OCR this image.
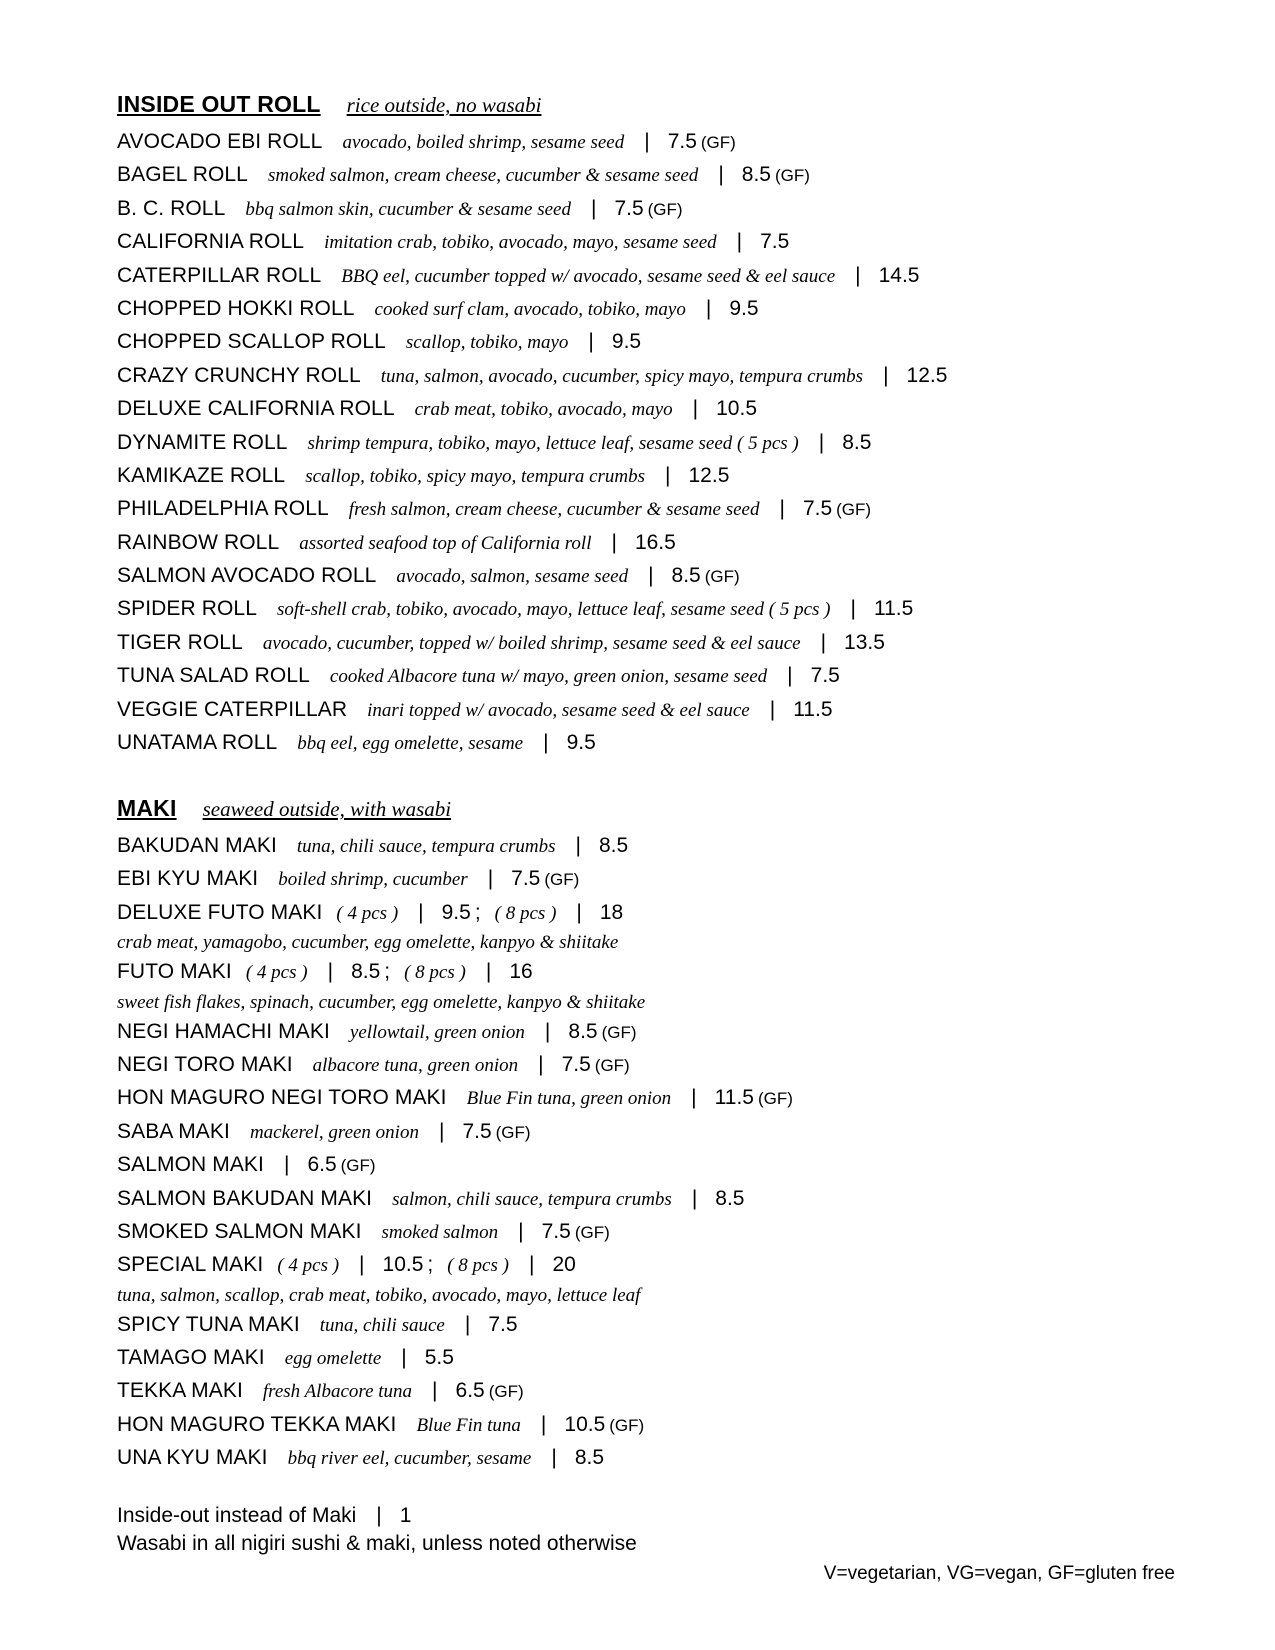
INSIDE OUT ROLL rice outside, no wasabi
AVOCADO EBI ROLL avocado, boiled shrimp, sesame seed | 7.5 (GF)
BAGEL ROLL smoked salmon, cream cheese, cucumber & sesame seed | 8.5 (GF)
B. C. ROLL bbq salmon skin, cucumber & sesame seed | 7.5 (GF)
CALIFORNIA ROLL imitation crab, tobiko, avocado, mayo, sesame seed | 7.5
CATERPILLAR ROLL BBQ eel, cucumber topped w/ avocado, sesame seed & eel sauce | 14.5
CHOPPED HOKKI ROLL cooked surf clam, avocado, tobiko, mayo | 9.5
CHOPPED SCALLOP ROLL scallop, tobiko, mayo | 9.5
CRAZY CRUNCHY ROLL tuna, salmon, avocado, cucumber, spicy mayo, tempura crumbs | 12.5
DELUXE CALIFORNIA ROLL crab meat, tobiko, avocado, mayo | 10.5
DYNAMITE ROLL shrimp tempura, tobiko, mayo, lettuce leaf, sesame seed ( 5 pcs ) | 8.5
KAMIKAZE ROLL scallop, tobiko, spicy mayo, tempura crumbs | 12.5
PHILADELPHIA ROLL fresh salmon, cream cheese, cucumber & sesame seed | 7.5 (GF)
RAINBOW ROLL assorted seafood top of California roll | 16.5
SALMON AVOCADO ROLL avocado, salmon, sesame seed | 8.5 (GF)
SPIDER ROLL soft-shell crab, tobiko, avocado, mayo, lettuce leaf, sesame seed ( 5 pcs ) | 11.5
TIGER ROLL avocado, cucumber, topped w/ boiled shrimp, sesame seed & eel sauce | 13.5
TUNA SALAD ROLL cooked Albacore tuna w/ mayo, green onion, sesame seed | 7.5
VEGGIE CATERPILLAR inari topped w/ avocado, sesame seed & eel sauce | 11.5
UNATAMA ROLL bbq eel, egg omelette, sesame | 9.5
MAKI seaweed outside, with wasabi
BAKUDAN MAKI tuna, chili sauce, tempura crumbs | 8.5
EBI KYU MAKI boiled shrimp, cucumber | 7.5 (GF)
DELUXE FUTO MAKI ( 4 pcs ) | 9.5 ; ( 8 pcs ) | 18
crab meat, yamagobo, cucumber, egg omelette, kanpyo & shiitake
FUTO MAKI ( 4 pcs ) | 8.5 ; ( 8 pcs ) | 16
sweet fish flakes, spinach, cucumber, egg omelette, kanpyo & shiitake
NEGI HAMACHI MAKI yellowtail, green onion | 8.5 (GF)
NEGI TORO MAKI albacore tuna, green onion | 7.5 (GF)
HON MAGURO NEGI TORO MAKI Blue Fin tuna, green onion | 11.5 (GF)
SABA MAKI mackerel, green onion | 7.5 (GF)
SALMON MAKI | 6.5 (GF)
SALMON BAKUDAN MAKI salmon, chili sauce, tempura crumbs | 8.5
SMOKED SALMON MAKI smoked salmon | 7.5 (GF)
SPECIAL MAKI ( 4 pcs ) | 10.5 ; ( 8 pcs ) | 20
tuna, salmon, scallop, crab meat, tobiko, avocado, mayo, lettuce leaf
SPICY TUNA MAKI tuna, chili sauce | 7.5
TAMAGO MAKI egg omelette | 5.5
TEKKA MAKI fresh Albacore tuna | 6.5 (GF)
HON MAGURO TEKKA MAKI Blue Fin tuna | 10.5 (GF)
UNA KYU MAKI bbq river eel, cucumber, sesame | 8.5
Inside-out instead of Maki | 1
Wasabi in all nigiri sushi & maki, unless noted otherwise
V=vegetarian, VG=vegan, GF=gluten free
